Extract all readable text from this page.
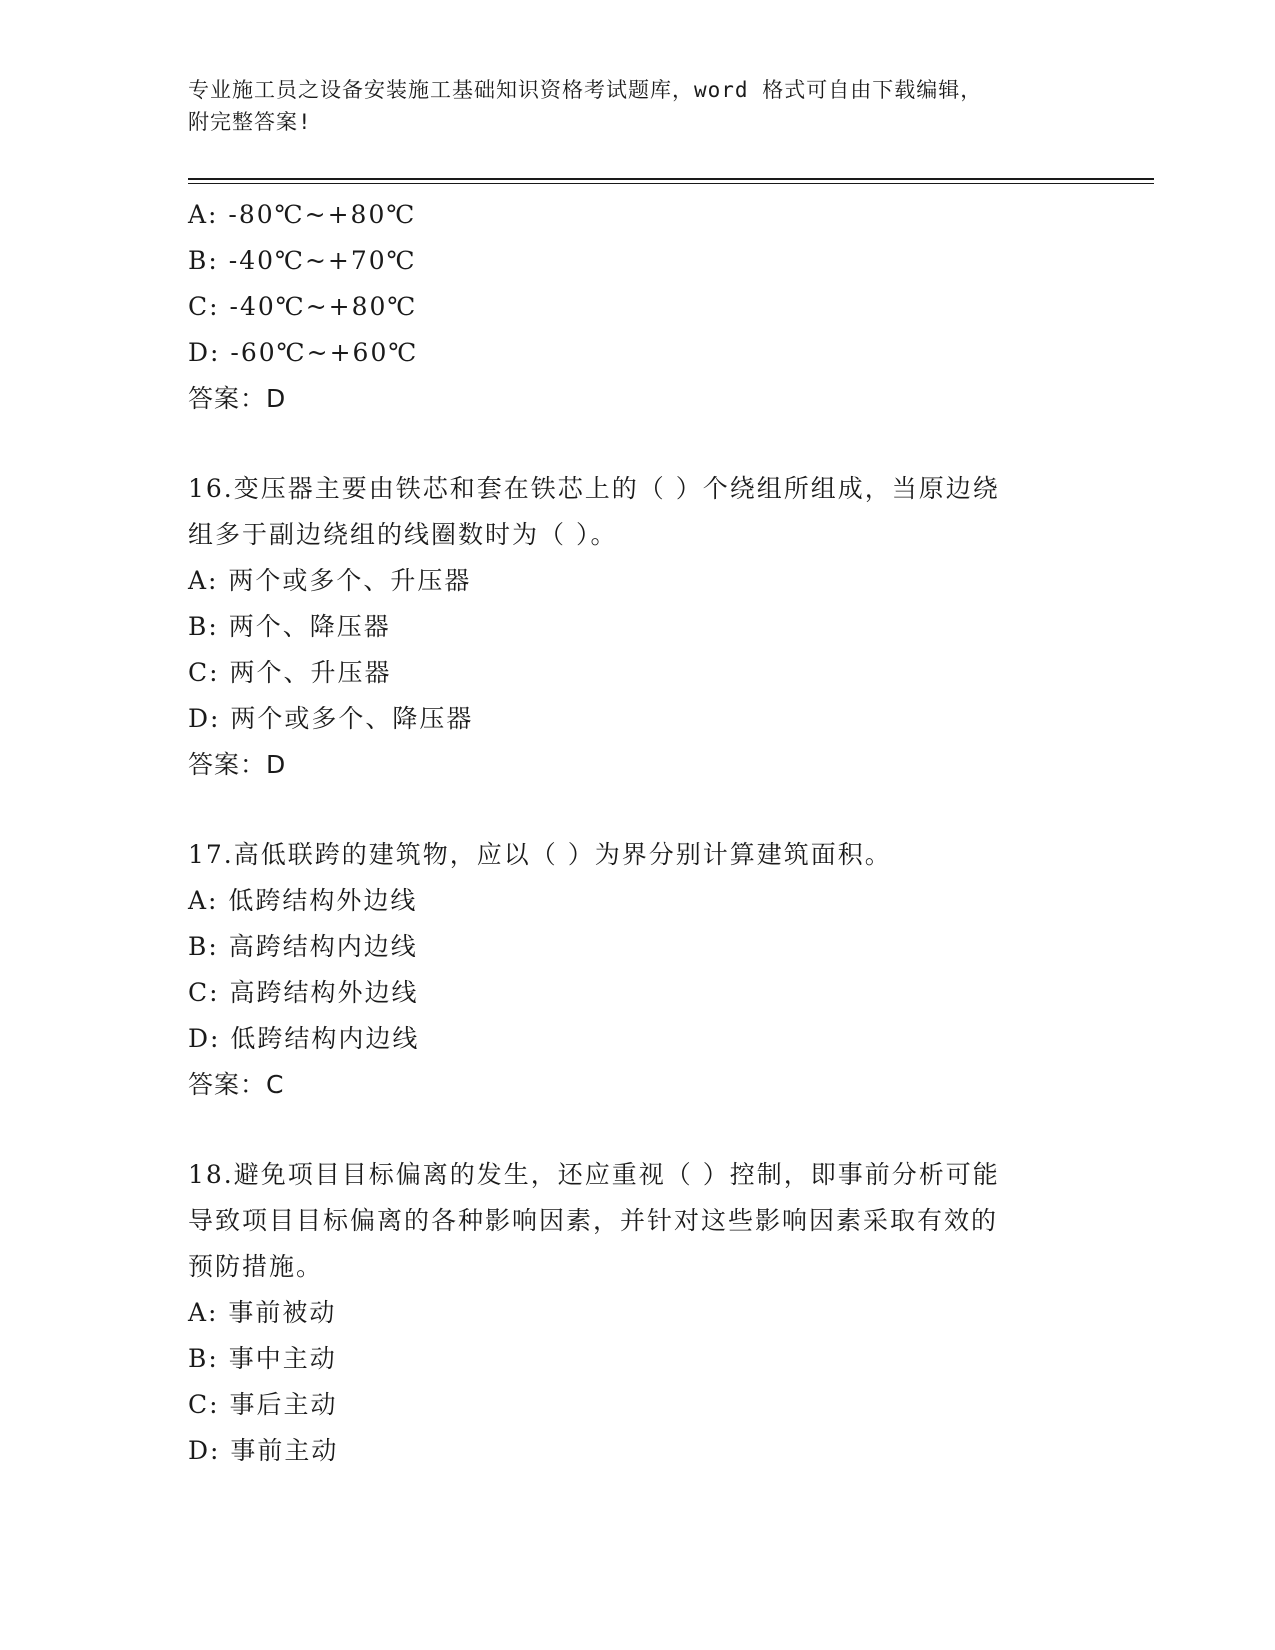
专业施工员之设备安装施工基础知识资格考试题库，word 格式可自由下载编辑，
附完整答案!
A: -80℃~+80℃
B: -40℃~+70℃
C: -40℃~+80℃
D: -60℃~+60℃
答案：D
16.变压器主要由铁芯和套在铁芯上的（ ）个绕组所组成，当原边绕
组多于副边绕组的线圈数时为（ ）。
A: 两个或多个、升压器
B: 两个、降压器
C: 两个、升压器
D: 两个或多个、降压器
答案：D
17.高低联跨的建筑物，应以（ ）为界分别计算建筑面积。
A: 低跨结构外边线
B: 高跨结构内边线
C: 高跨结构外边线
D: 低跨结构内边线
答案：C
18.避免项目目标偏离的发生，还应重视（ ）控制，即事前分析可能
导致项目目标偏离的各种影响因素，并针对这些影响因素采取有效的
预防措施。
A: 事前被动
B: 事中主动
C: 事后主动
D: 事前主动
